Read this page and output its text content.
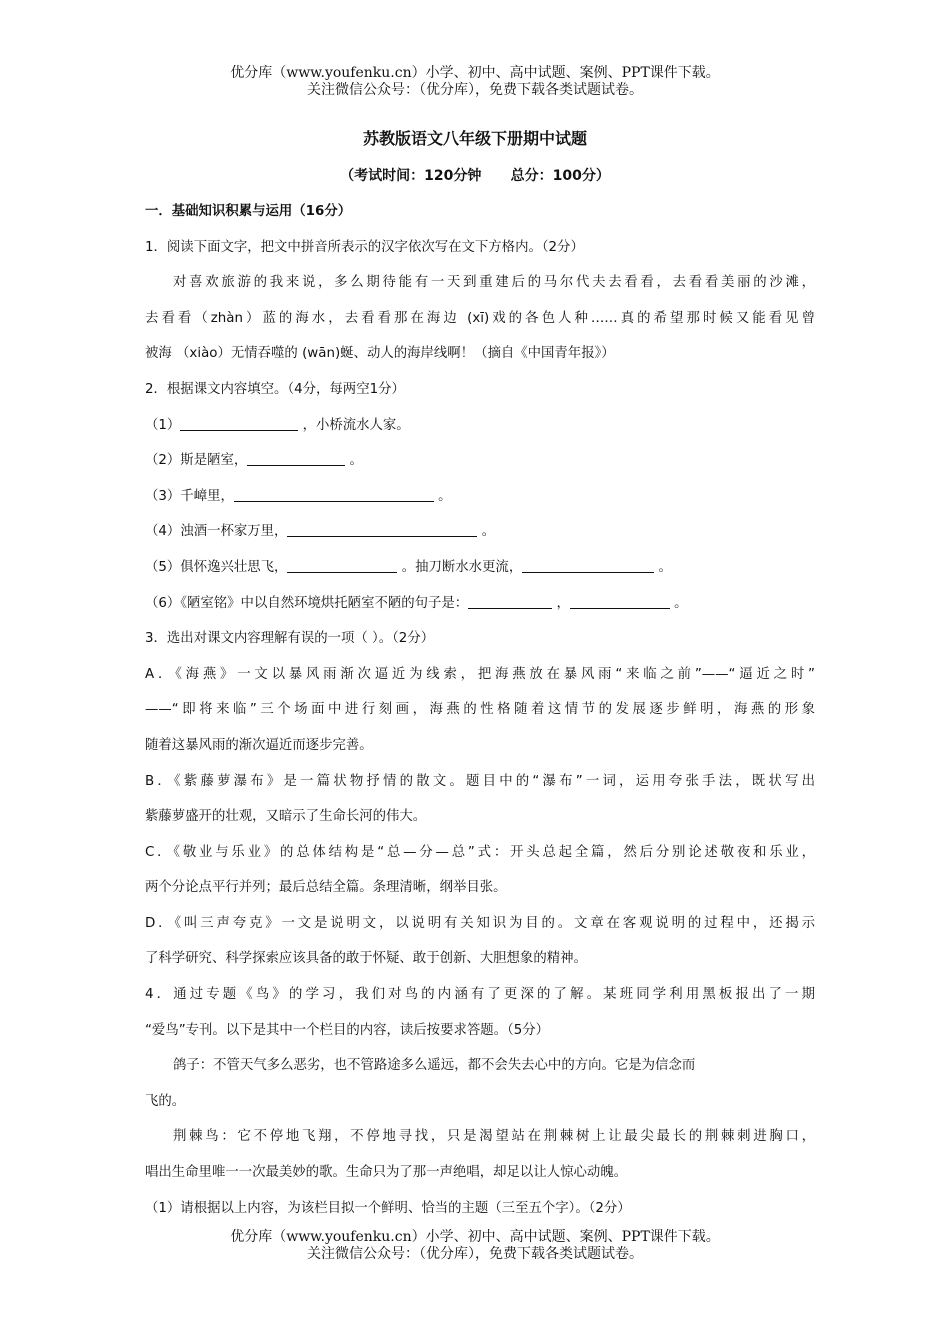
优分库（www.youfenku.cn）小学、初中、高中试题、案例、PPT课件下载。
关注微信公众号：（优分库），免费下载各类试题试卷。
苏教版语文八年级下册期中试题
（考试时间：120分钟      总分：100分）
一．基础知识积累与运用（16分）
1．阅读下面文字，把文中拼音所表示的汉字依次写在文下方格内。（2分）
对喜欢旅游的我来说，多么期待能有一天到重建后的马尔代夫去看看，去看看美丽的沙滩，
去看看（zhàn）蓝的海水，去看看那在海边 (xī)戏的各色人种……真的希望那时候又能看见曾
被海 （xiào）无情吞噬的 (wān)蜒、动人的海岸线啊！（摘自《中国青年报》）
2．根据课文内容填空。（4分，每两空1分）
（1）	，小桥流水人家。
（2）斯是陋室，	。
（3）千嶂里，	。
（4）浊酒一杯家万里，	。
（5）俱怀逸兴壮思飞，	。抽刀断水水更流，	。
（6）《陋室铭》中以自然环境烘托陋室不陋的句子是：	，	。
3．选出对课文内容理解有误的一项（ ）。（2分）
A．《海燕》一文以暴风雨渐次逼近为线索，把海燕放在暴风雨“来临之前”——“逼近之时”
——“即将来临”三个场面中进行刻画，海燕的性格随着这情节的发展逐步鲜明，海燕的形象
随着这暴风雨的渐次逼近而逐步完善。
B．《紫藤萝瀑布》是一篇状物抒情的散文。题目中的“瀑布”一词，运用夸张手法，既状写出
紫藤萝盛开的壮观，又暗示了生命长河的伟大。
C．《敬业与乐业》的总体结构是“总—分—总”式：开头总起全篇，然后分别论述敬夜和乐业，
两个分论点平行并列；最后总结全篇。条理清晰，纲举目张。
D．《叫三声夸克》一文是说明文，以说明有关知识为目的。文章在客观说明的过程中，还揭示
了科学研究、科学探索应该具备的敢于怀疑、敢于创新、大胆想象的精神。
4．通过专题《鸟》的学习，我们对鸟的内涵有了更深的了解。某班同学利用黑板报出了一期
“爱鸟”专刊。以下是其中一个栏目的内容，读后按要求答题。（5分）
鸽子：不管天气多么恶劣，也不管路途多么遥远，都不会失去心中的方向。它是为信念而
飞的。
荆棘鸟：它不停地飞翔，不停地寻找，只是渴望站在荆棘树上让最尖最长的荆棘刺进胸口，
唱出生命里唯一一次最美妙的歌。生命只为了那一声绝唱，却足以让人惊心动魄。
（1）请根据以上内容，为该栏目拟一个鲜明、恰当的主题（三至五个字）。（2分）
优分库（www.youfenku.cn）小学、初中、高中试题、案例、PPT课件下载。
关注微信公众号：（优分库），免费下载各类试题试卷。
